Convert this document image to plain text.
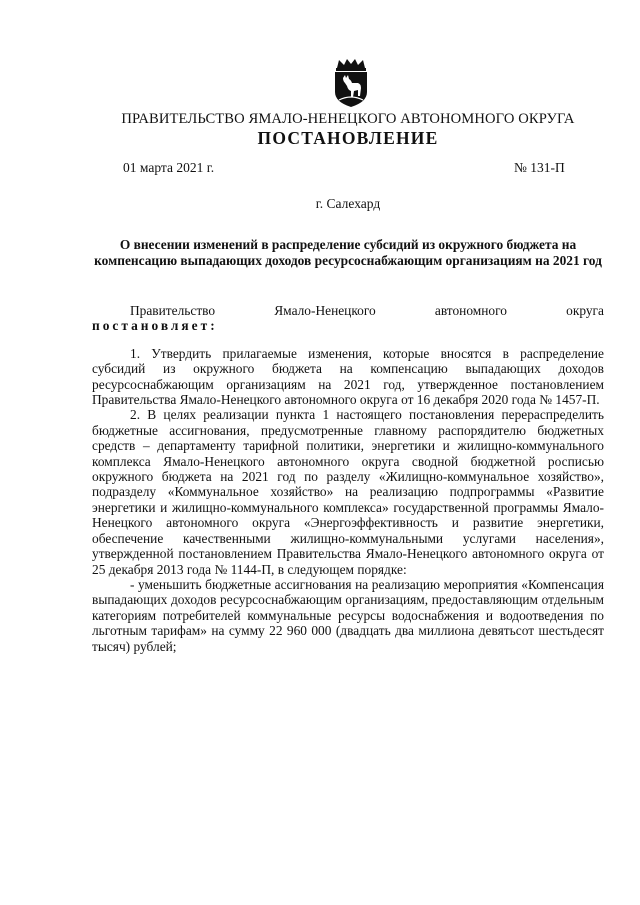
ПРАВИТЕЛЬСТВО ЯМАЛО-НЕНЕЦКОГО АВТОНОМНОГО ОКРУГА
ПОСТАНОВЛЕНИЕ
01 марта 2021 г.	№ 131-П
г. Салехард
О внесении изменений в распределение субсидий из окружного бюджета на компенсацию выпадающих доходов ресурсоснабжающим организациям на 2021 год
Правительство	Ямало-Ненецкого	автономного	округа
постановляет:

1. Утвердить прилагаемые изменения, которые вносятся в распределение субсидий из окружного бюджета на компенсацию выпадающих доходов ресурсоснабжающим организациям на 2021 год, утвержденное постановлением Правительства Ямало-Ненецкого автономного округа от 16 декабря 2020 года № 1457-П.

2. В целях реализации пункта 1 настоящего постановления перераспределить бюджетные ассигнования, предусмотренные главному распорядителю бюджетных средств – департаменту тарифной политики, энергетики и жилищно-коммунального комплекса Ямало-Ненецкого автономного округа сводной бюджетной росписью окружного бюджета на 2021 год по разделу «Жилищно-коммунальное хозяйство», подразделу «Коммунальное хозяйство» на реализацию подпрограммы «Развитие энергетики и жилищно-коммунального комплекса» государственной программы Ямало-Ненецкого автономного округа «Энергоэффективность и развитие энергетики, обеспечение качественными жилищно-коммунальными услугами населения», утвержденной постановлением Правительства Ямало-Ненецкого автономного округа от 25 декабря 2013 года № 1144-П, в следующем порядке:

- уменьшить бюджетные ассигнования на реализацию мероприятия «Компенсация выпадающих доходов ресурсоснабжающим организациям, предоставляющим отдельным категориям потребителей коммунальные ресурсы водоснабжения и водоотведения по льготным тарифам» на сумму 22 960 000 (двадцать два миллиона девятьсот шестьдесят тысяч) рублей;
